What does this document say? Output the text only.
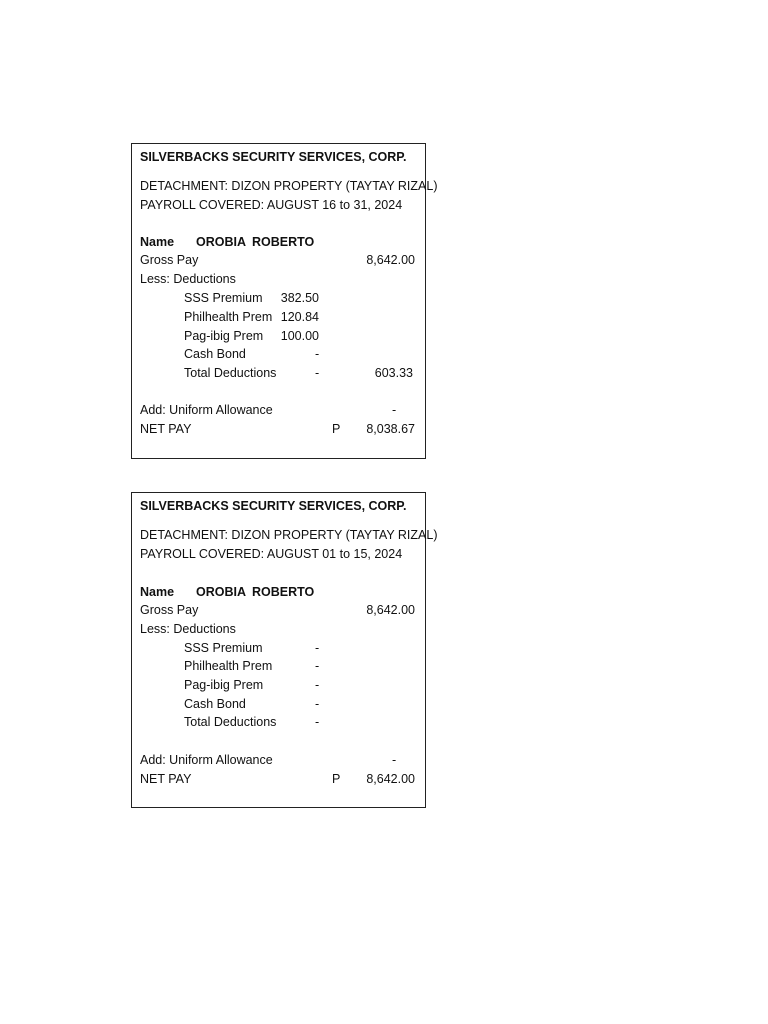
SILVERBACKS SECURITY SERVICES, CORP.
DETACHMENT: DIZON PROPERTY (TAYTAY RIZAL)
PAYROLL COVERED: AUGUST 16 to 31, 2024
Name OROBIA ROBERTO
Gross Pay	8,642.00
Less: Deductions
SSS Premium 382.50
Philhealth Prem 120.84
Pag-ibig Prem 100.00
Cash Bond	-
Total Deductions	-	603.33
Add: Uniform Allowance	-
NET PAY	P 8,038.67
SILVERBACKS SECURITY SERVICES, CORP.
DETACHMENT: DIZON PROPERTY (TAYTAY RIZAL)
PAYROLL COVERED: AUGUST 01 to 15, 2024
Name OROBIA ROBERTO
Gross Pay	8,642.00
Less: Deductions
SSS Premium	-
Philhealth Prem	-
Pag-ibig Prem	-
Cash Bond	-
Total Deductions	-
Add: Uniform Allowance	-
NET PAY	P 8,642.00
